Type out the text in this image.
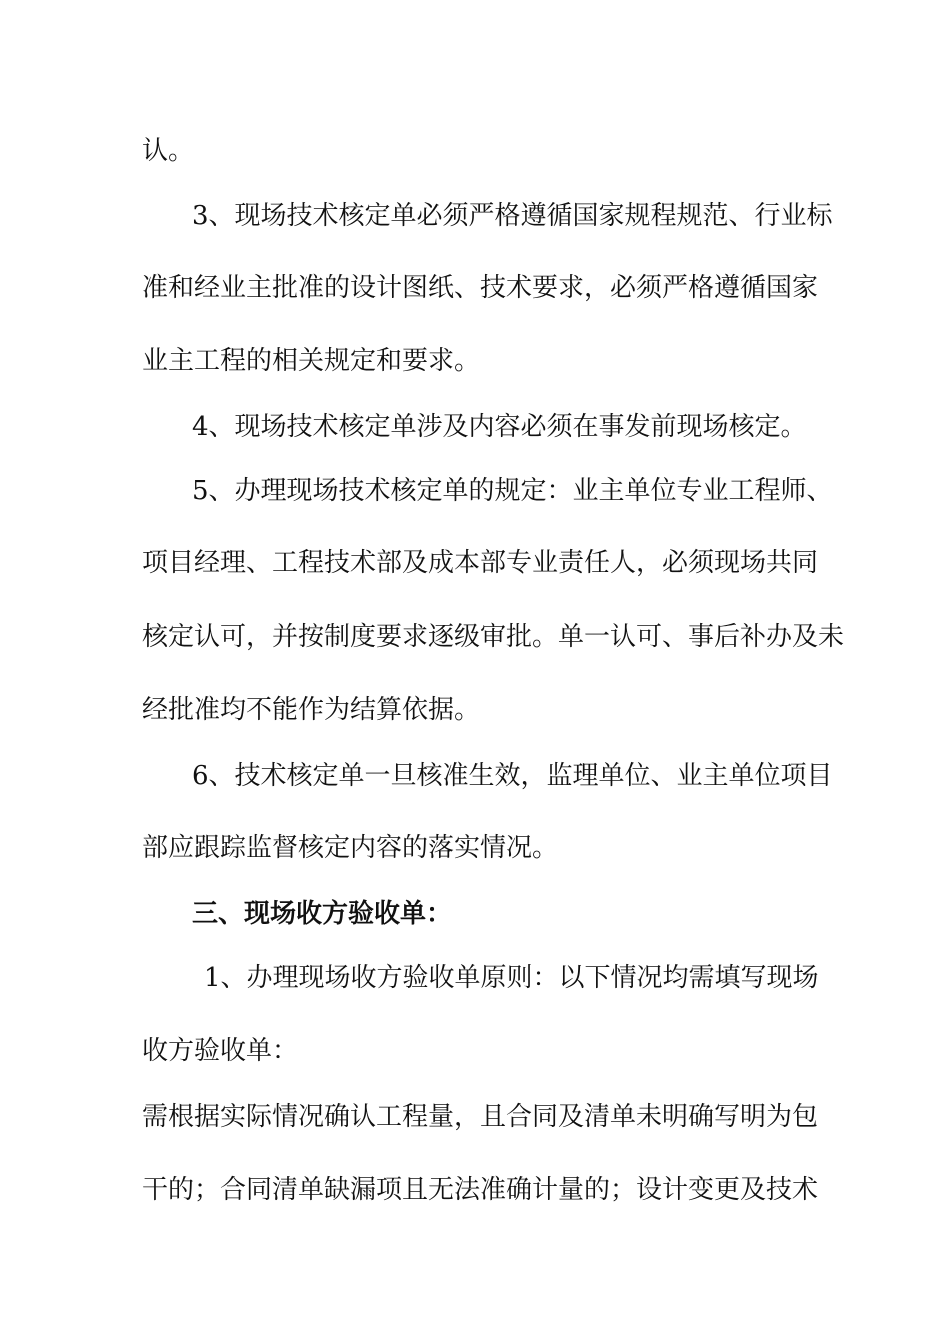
认。
3、现场技术核定单必须严格遵循国家规程规范、行业标
准和经业主批准的设计图纸、技术要求，必须严格遵循国家
业主工程的相关规定和要求。
4、现场技术核定单涉及内容必须在事发前现场核定。
5、办理现场技术核定单的规定：业主单位专业工程师、
项目经理、工程技术部及成本部专业责任人，必须现场共同
核定认可，并按制度要求逐级审批。单一认可、事后补办及未
经批准均不能作为结算依据。
6、技术核定单一旦核准生效，监理单位、业主单位项目
部应跟踪监督核定内容的落实情况。
三、现场收方验收单：
1、办理现场收方验收单原则：以下情况均需填写现场
收方验收单：
需根据实际情况确认工程量，且合同及清单未明确写明为包
干的；合同清单缺漏项且无法准确计量的；设计变更及技术
